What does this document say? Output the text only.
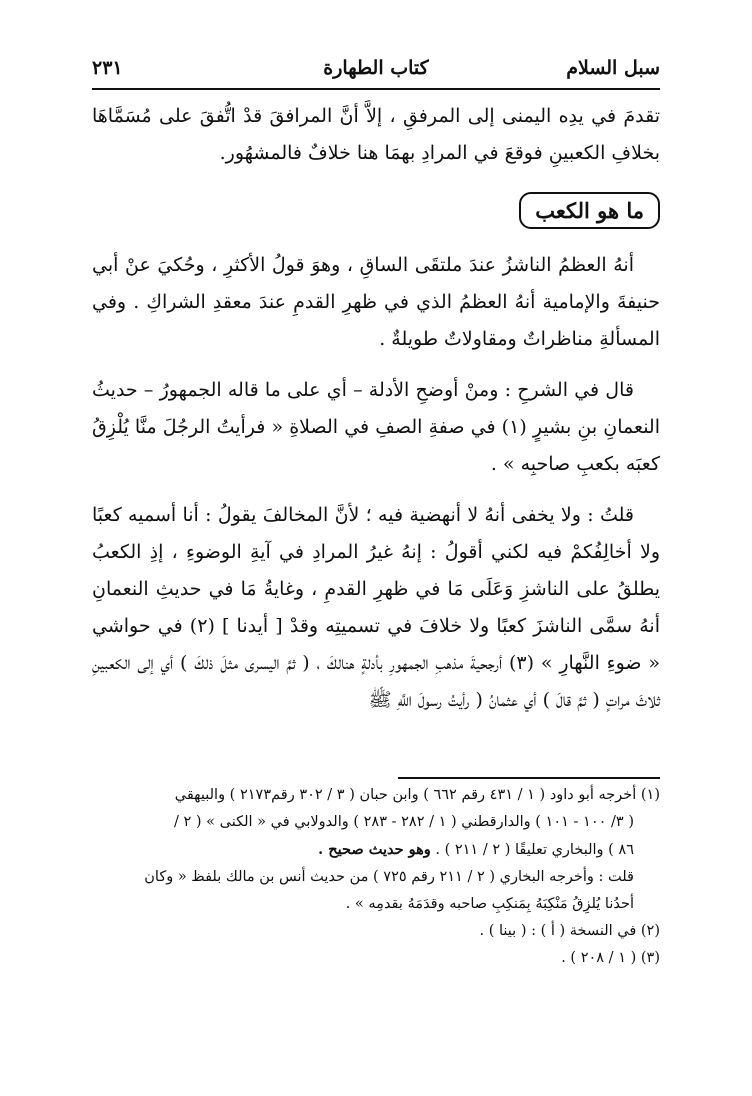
سبل السلام
كتاب الطهارة
٢٣١

تقدمَ في يدِه اليمنى إلى المرفقِ ، إلاَّ أنَّ المرافقَ قدْ اتُّفقَ على مُسَمَّاهَا بخلافِ الكعبينِ فوقعَ في المرادِ بهمَا هنا خلافٌ فالمشهُور.

ما هو الكعب

أنهُ العظمُ الناشزُ عندَ ملتقَى الساقِ ، وهوَ قولُ الأكثرِ ، وحُكيَ عنْ أبي حنيفةَ والإمامية أنهُ العظمُ الذي في ظهرِ القدمِ عندَ معقدِ الشراكِ . وفي المسألةِ مناظراتٌ ومقاولاتٌ طويلةٌ .

قال في الشرحِ : ومنْ أوضحِ الأدلة – أي على ما قاله الجمهورُ – حديثُ النعمانِ بنِ بشيرٍ (١) في صفةِ الصفِ في الصلاةِ « فرأيتُ الرجُلَ منَّا يُلْزِقُ كعبَه بكعبِ صاحبِه » .

قلتُ : ولا يخفى أنهُ لا أنهضية فيه ؛ لأنَّ المخالفَ يقولُ : أنا أسميه كعبًا ولا أخالِفُكمْ فيه لكني أقولُ : إنهُ غيرُ المرادِ في آيةِ الوضوءِ ، إذِ الكعبُ يطلقُ على الناشزِ وَعَلَى مَا في ظهرِ القدمِ ، وغايةُ مَا في حديثِ النعمانِ أنهُ سمَّى الناشزَ كعبًا ولا خلافَ في تسميتِه وقدْ [ أيدنا ] (٢) في حواشي « ضوءِ النَّهارِ » (٣) أرجحيةَ مذهبِ الجمهورِ بأدلةٍ هنالكَ ، ( ثمَّ اليسرى مثلَ ذلكَ ) أي إلى الكعبينِ ثلاثَ مراتٍ ( ثمَّ قالَ ) أي عثمانُ ( رأيتُ رسولَ اللَّهِ ﷺ

(١) أخرجه أبو داود ( ١ / ٤٣١ رقم ٦٦٢ ) وابن حبان ( ٣ / ٣٠٢ رقم٢١٧٣ ) والبيهقي

( ٣/ ١٠٠ - ١٠١ ) والدارقطني ( ١ / ٢٨٢ - ٢٨٣ ) والدولابي في « الكنى » ( ٢ /

٨٦ ) والبخاري تعليقًا ( ٢ / ٢١١ ) . وهو حديث صحيح .

قلت : وأخرجه البخاري ( ٢ / ٢١١ رقم ٧٢٥ ) من حديث أنس بن مالك بلفظ « وكان

أحدُنا يُلزِقُ مَنْكِبَهُ بِمَنكِبِ صاحبه وقدَمَهُ بقدمِه » .

(٢) في النسخة ( أ ) : ( بينا ) .

(٣) ( ١ / ٢٠٨ ) .
